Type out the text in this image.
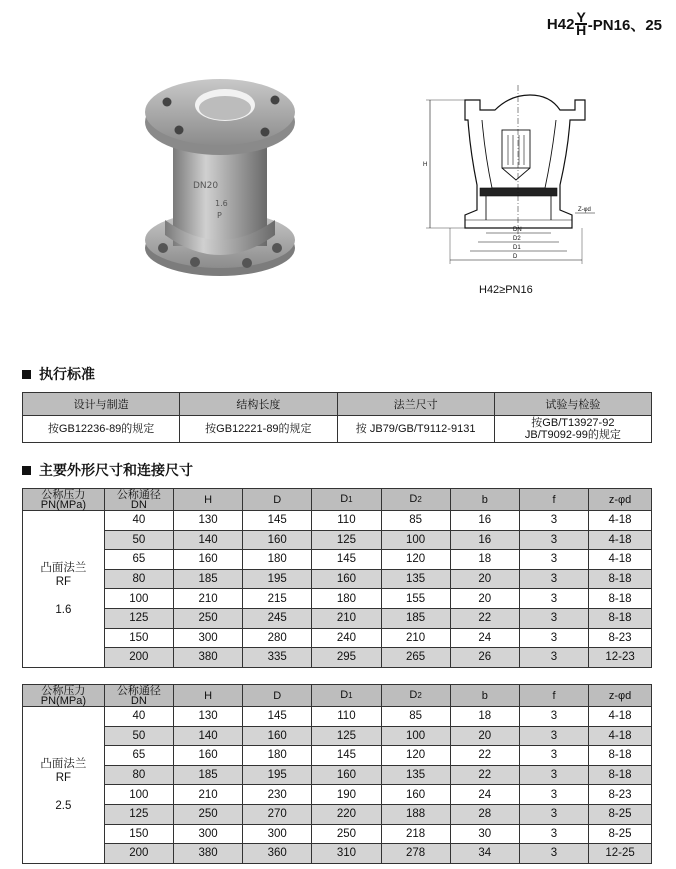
$H42 \frac{Y}{H} -PN16$、25
DN20
1.6
P
H
DN
D2
D1
D
Z-φd
H42≥PN16
执行标准
设计与制造	结构长度	法兰尺寸	试验与检验
按GB12236-89的规定	按GB12221-89的规定	按 JB79/GB/T9112-9131	按GB/T13927-92
JB/T9092-99的规定
主要外形尺寸和连接尺寸
公称压力
PN(MPa)	公称通径
DN	H	D	D1	D2	b	f	z-φd
凸面法兰
RF

1.6	40	130	145	110	85	16	3	4-18
	50	140	160	125	100	16	3	4-18
	65	160	180	145	120	18	3	4-18
	80	185	195	160	135	20	3	8-18
	100	210	215	180	155	20	3	8-18
	125	250	245	210	185	22	3	8-18
	150	300	280	240	210	24	3	8-23
	200	380	335	295	265	26	3	12-23
公称压力
PN(MPa)	公称通径
DN	H	D	D1	D2	b	f	z-φd
凸面法兰
RF

2.5	40	130	145	110	85	18	3	4-18
	50	140	160	125	100	20	3	4-18
	65	160	180	145	120	22	3	8-18
	80	185	195	160	135	22	3	8-18
	100	210	230	190	160	24	3	8-23
	125	250	270	220	188	28	3	8-25
	150	300	300	250	218	30	3	8-25
	200	380	360	310	278	34	3	12-25
